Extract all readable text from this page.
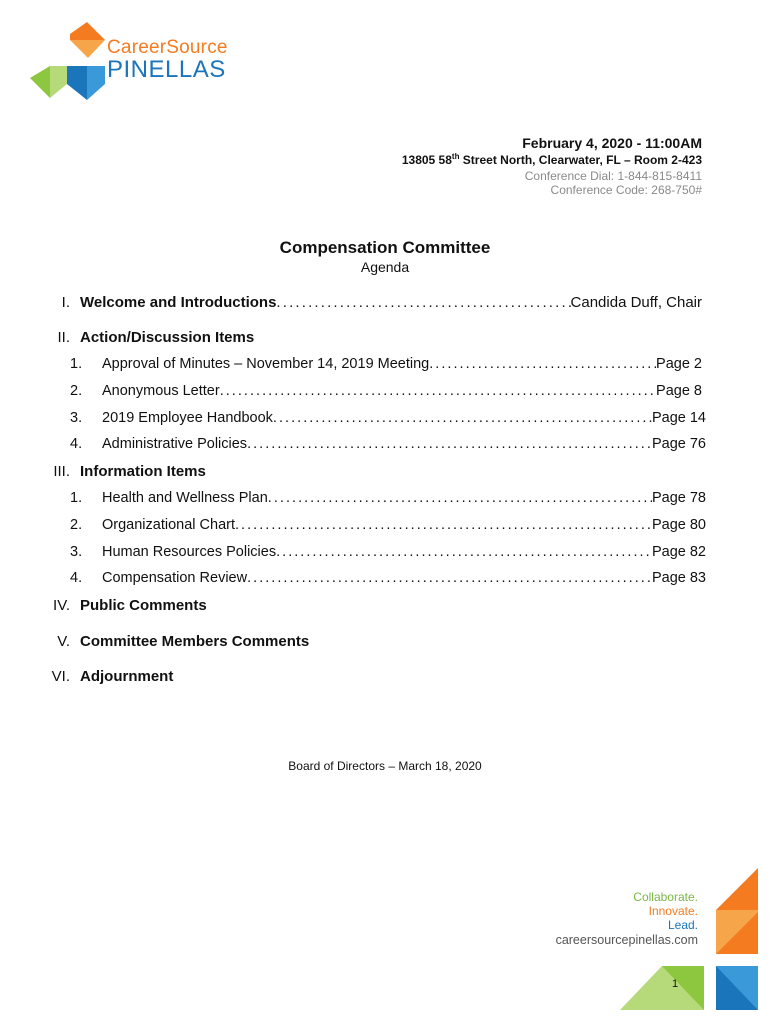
CareerSource
PINELLAS
February 4, 2020 - 11:00AM
13805 58th Street North, Clearwater, FL – Room 2-423
Conference Dial: 1-844-815-8411
Conference Code: 268-750#
Compensation Committee
Agenda
I. Welcome and Introductions . . .	Candida Duff, Chair
II. Action/Discussion Items
1.	Approval of Minutes – November 14, 2019 Meeting . . .	Page 2
2.	Anonymous Letter . . .	Page 8
3.	2019 Employee Handbook . . .	Page 14
4.	Administrative Policies . . .	Page 76
III. Information Items
1.	Health and Wellness Plan . . .	Page 78
2.	Organizational Chart . . .	Page 80
3.	Human Resources Policies . . .	Page 82
4.	Compensation Review . . .	Page 83
IV. Public Comments
V. Committee Members Comments
VI. Adjournment
Board of Directors – March 18, 2020
Collaborate.
Innovate.
Lead.
careersourcepinellas.com
1
